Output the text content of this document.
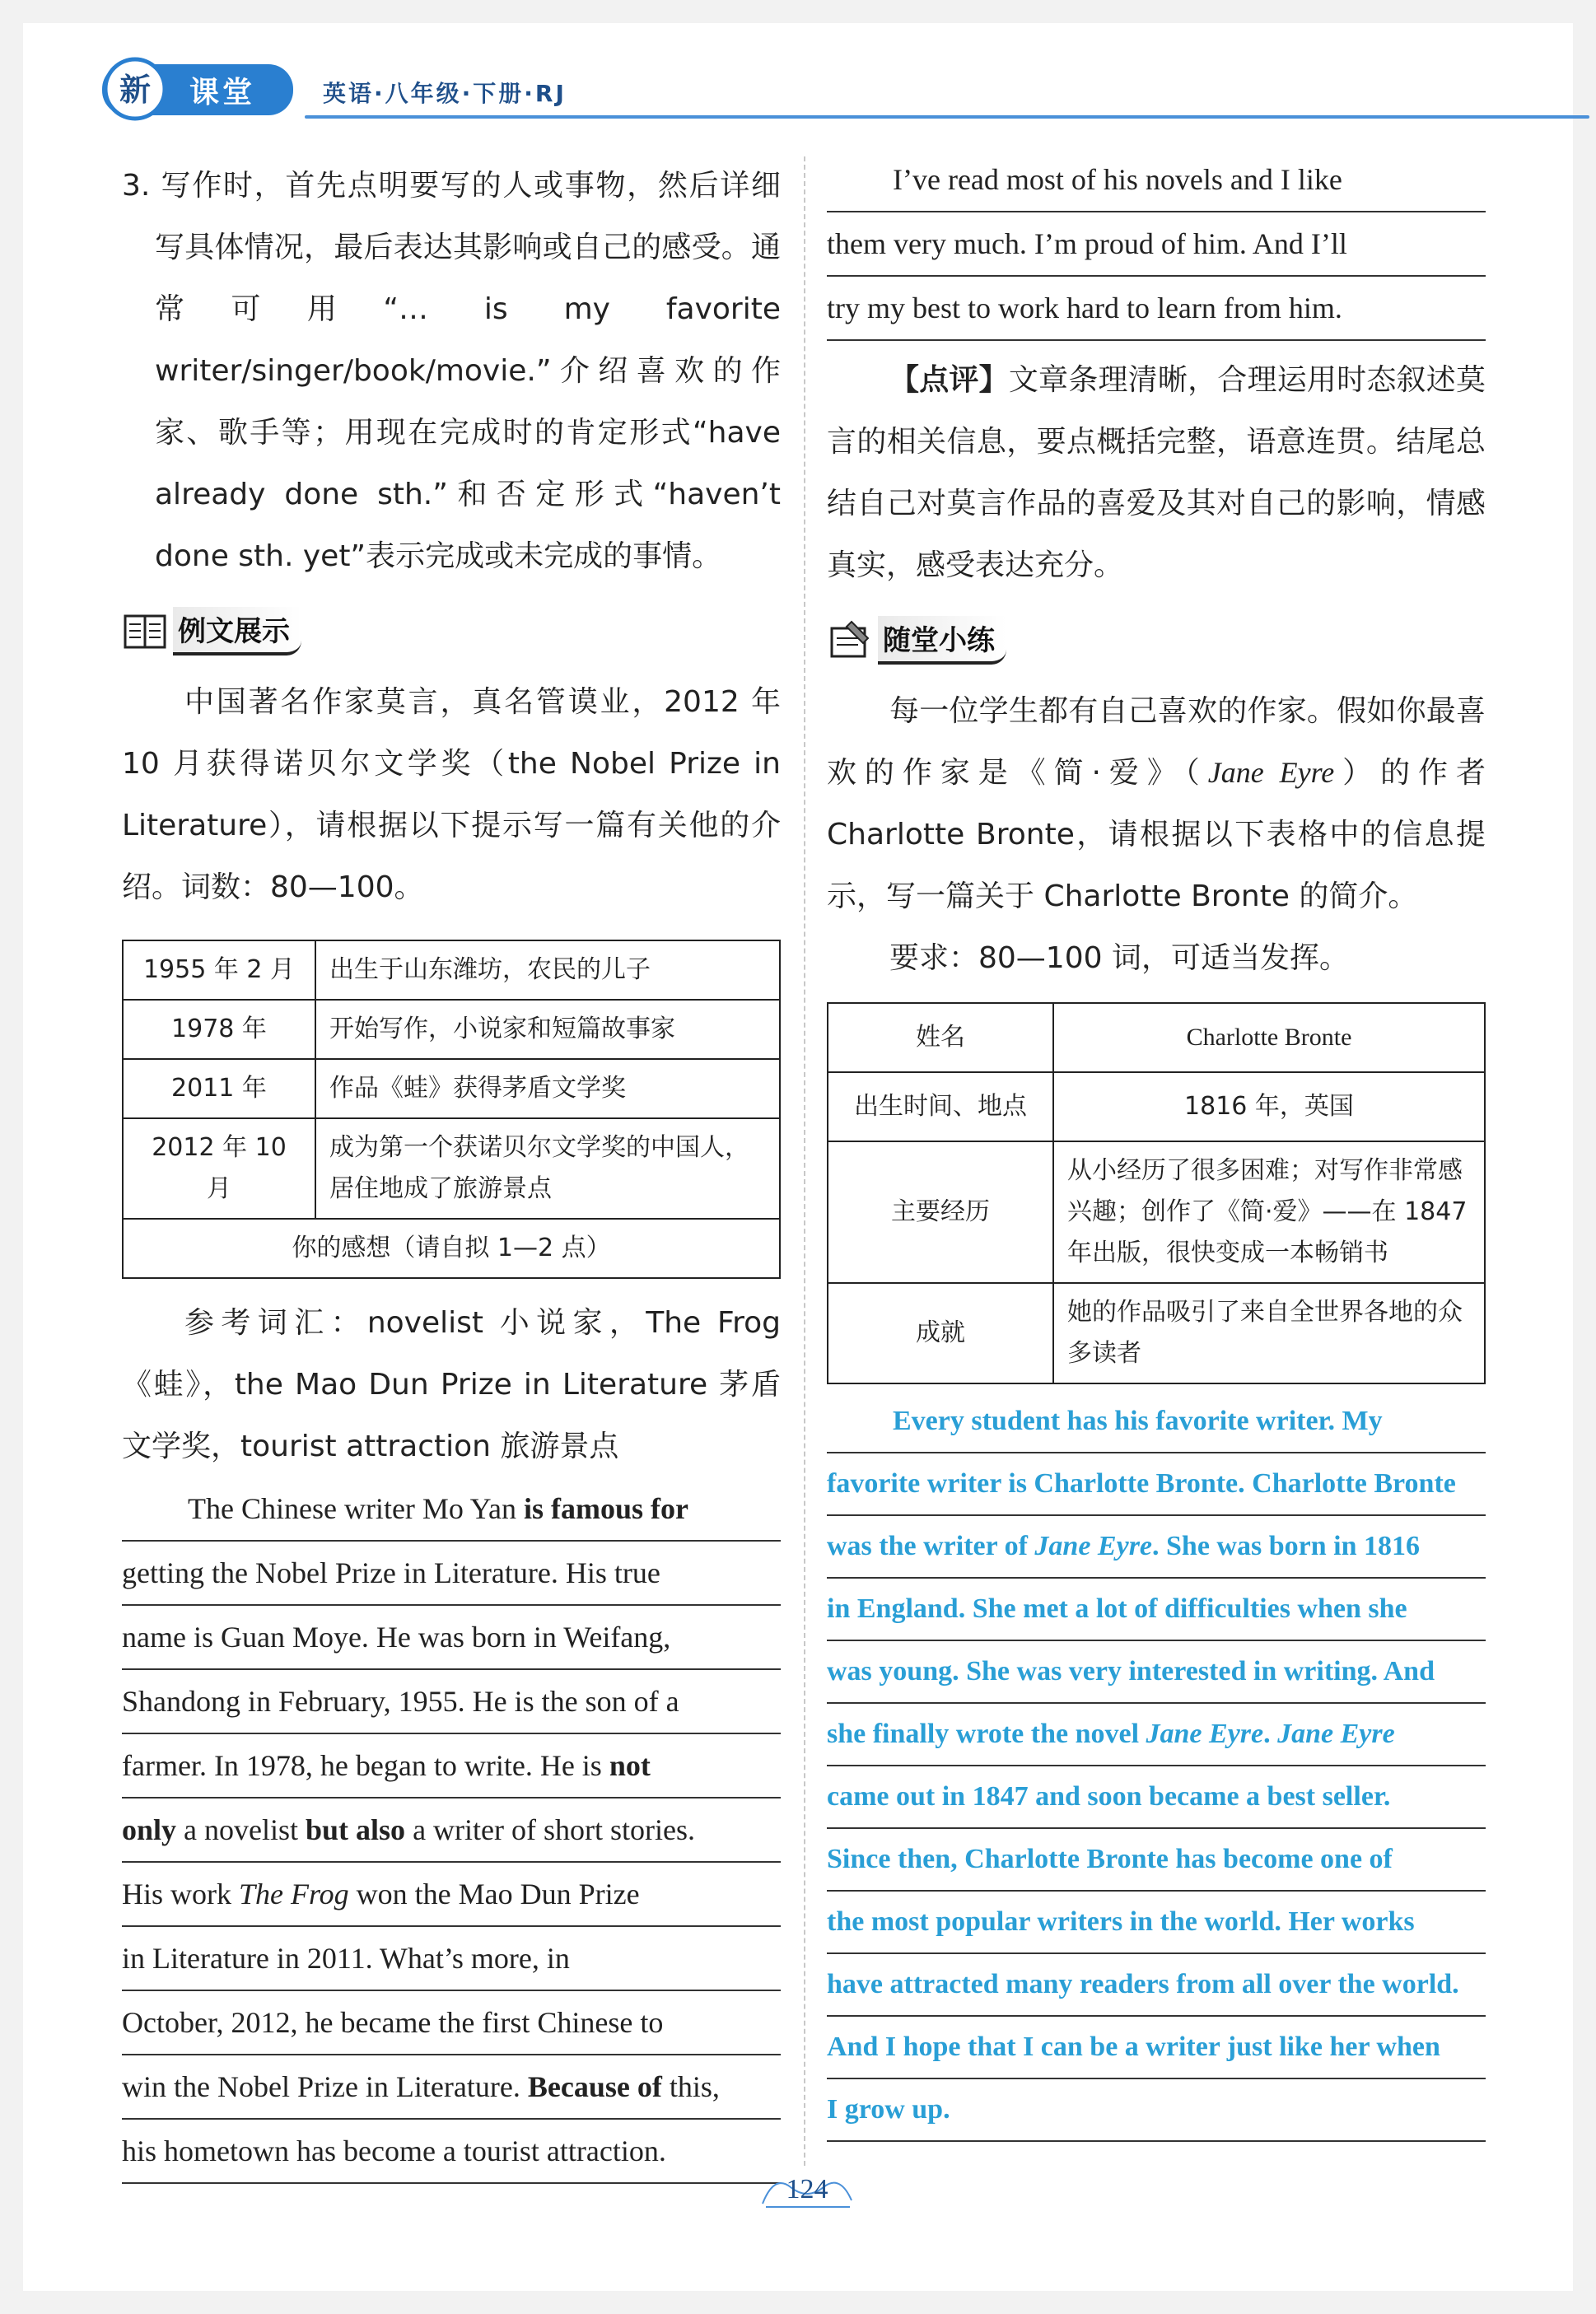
新 课堂	英语·八年级·下册·RJ

3. 写作时，首先点明要写的人或事物，然后详细写具体情况，最后表达其影响或自己的感受。通常可用“… is my favorite writer/singer/book/movie.”介绍喜欢的作家、歌手等；用现在完成时的肯定形式“have already done sth.”和否定形式“haven’t done sth. yet”表示完成或未完成的事情。

例文展示

中国著名作家莫言，真名管谟业，2012 年 10 月获得诺贝尔文学奖（the Nobel Prize in Literature），请根据以下提示写一篇有关他的介绍。词数：80—100。

1955 年 2 月	出生于山东潍坊，农民的儿子
1978 年	开始写作，小说家和短篇故事家
2011 年	作品《蛙》获得茅盾文学奖
2012 年 10 月	成为第一个获诺贝尔文学奖的中国人，居住地成了旅游景点
你的感想（请自拟 1—2 点）	

参考词汇：novelist 小说家，The Frog《蛙》，the Mao Dun Prize in Literature 茅盾文学奖，tourist attraction 旅游景点

The Chinese writer Mo Yan is famous for
getting the Nobel Prize in Literature. His true
name is Guan Moye. He was born in Weifang,
Shandong in February, 1955. He is the son of a
farmer. In 1978, he began to write. He is not
only a novelist but also a writer of short stories.
His work The Frog won the Mao Dun Prize
in Literature in 2011. What’s more, in
October, 2012, he became the first Chinese to
win the Nobel Prize in Literature. Because of this,
his hometown has become a tourist attraction.
I’ve read most of his novels and I like
them very much. I’m proud of him. And I’ll
try my best to work hard to learn from him.

【点评】文章条理清晰，合理运用时态叙述莫言的相关信息，要点概括完整，语意连贯。结尾总结自己对莫言作品的喜爱及其对自己的影响，情感真实，感受表达充分。

随堂小练

每一位学生都有自己喜欢的作家。假如你最喜欢的作家是《简·爱》（Jane Eyre）的作者 Charlotte Bronte，请根据以下表格中的信息提示，写一篇关于 Charlotte Bronte 的简介。

要求：80—100 词，可适当发挥。

姓名	Charlotte Bronte
出生时间、地点	1816 年，英国
主要经历	从小经历了很多困难；对写作非常感兴趣；创作了《简·爱》——在 1847 年出版，很快变成一本畅销书
成就	她的作品吸引了来自全世界各地的众多读者
Every student has his favorite writer. My
favorite writer is Charlotte Bronte. Charlotte Bronte
was the writer of Jane Eyre . She was born in 1816
in England. She met a lot of difficulties when she
was young. She was very interested in writing. And
she finally wrote the novel Jane Eyre . Jane Eyre
came out in 1847 and soon became a best seller.
Since then, Charlotte Bronte has become one of
the most popular writers in the world. Her works
have attracted many readers from all over the world.
And I hope that I can be a writer just like her when
I grow up.
124
